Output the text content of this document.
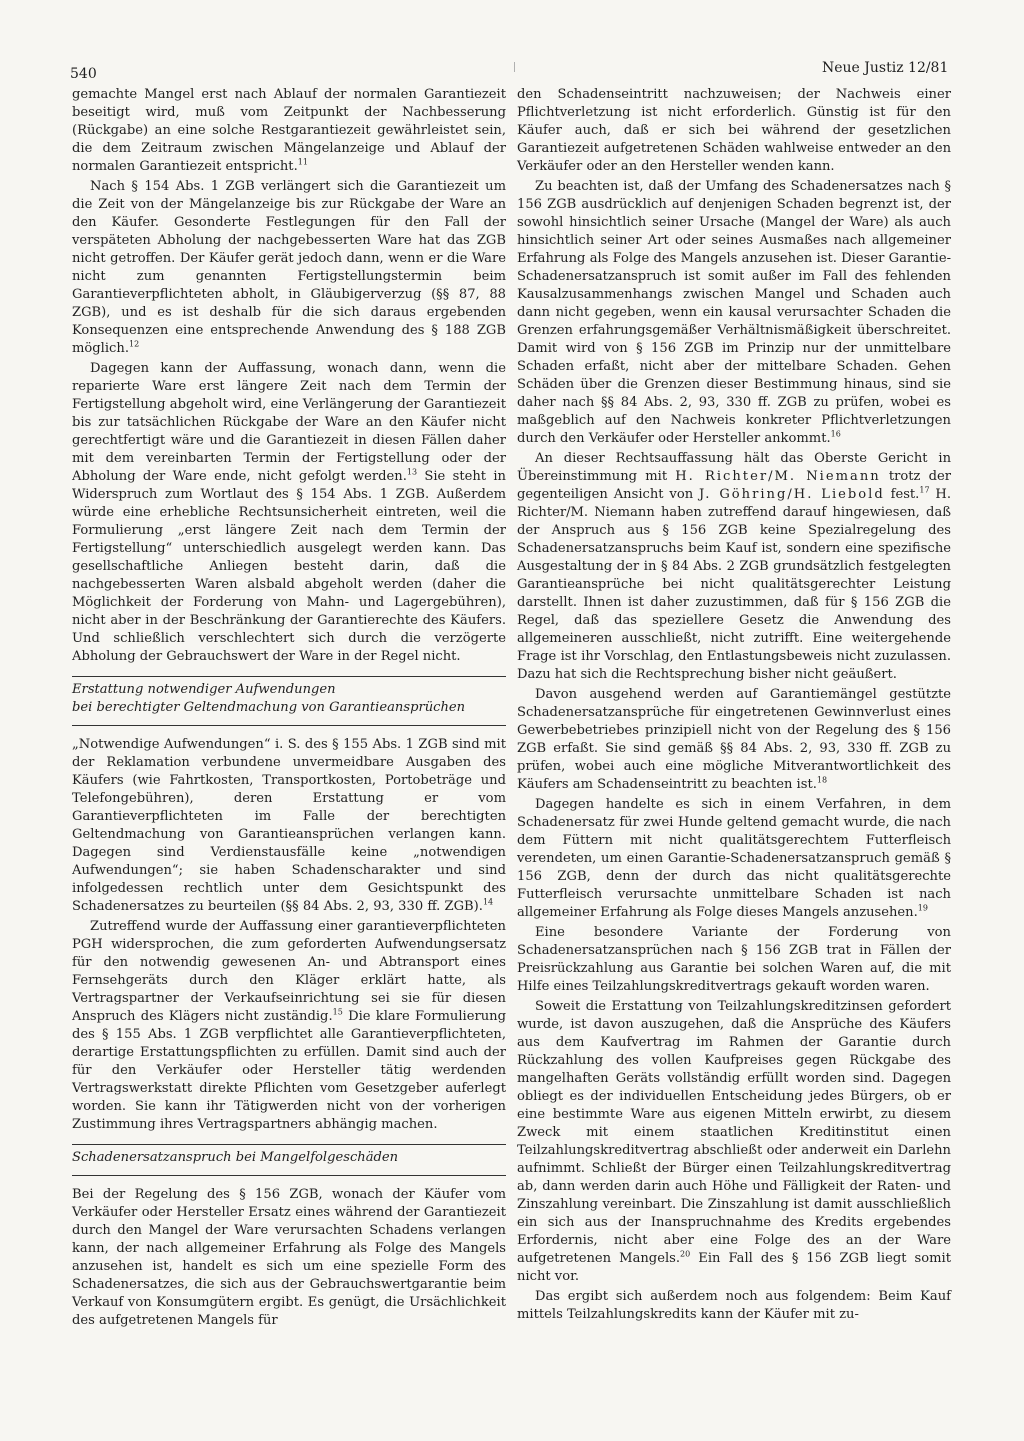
540	Neue Justiz 12/81

gemachte Mangel erst nach Ablauf der normalen Garantiezeit beseitigt wird, muß vom Zeitpunkt der Nachbesserung (Rückgabe) an eine solche Restgarantiezeit gewährleistet sein, die dem Zeitraum zwischen Mängelanzeige und Ablauf der normalen Garantiezeit entspricht.$^{11}$

Nach § 154 Abs. 1 ZGB verlängert sich die Garantiezeit um die Zeit von der Mängelanzeige bis zur Rückgabe der Ware an den Käufer. Gesonderte Festlegungen für den Fall der verspäteten Abholung der nachgebesserten Ware hat das ZGB nicht getroffen. Der Käufer gerät jedoch dann, wenn er die Ware nicht zum genannten Fertigstellungstermin beim Garantieverpflichteten abholt, in Gläubigerverzug (§§ 87, 88 ZGB), und es ist deshalb für die sich daraus ergebenden Konsequenzen eine entsprechende Anwendung des § 188 ZGB möglich.$^{12}$

Dagegen kann der Auffassung, wonach dann, wenn die reparierte Ware erst längere Zeit nach dem Termin der Fertigstellung abgeholt wird, eine Verlängerung der Garantiezeit bis zur tatsächlichen Rückgabe der Ware an den Käufer nicht gerechtfertigt wäre und die Garantiezeit in diesen Fällen daher mit dem vereinbarten Termin der Fertigstellung oder der Abholung der Ware ende, nicht gefolgt werden.$^{13}$ Sie steht in Widerspruch zum Wortlaut des § 154 Abs. 1 ZGB. Außerdem würde eine erhebliche Rechtsunsicherheit eintreten, weil die Formulierung „erst längere Zeit nach dem Termin der Fertigstellung“ unterschiedlich ausgelegt werden kann. Das gesellschaftliche Anliegen besteht darin, daß die nachgebesserten Waren alsbald abgeholt werden (daher die Möglichkeit der Forderung von Mahn- und Lagergebühren), nicht aber in der Beschränkung der Garantierechte des Käufers. Und schließlich verschlechtert sich durch die verzögerte Abholung der Gebrauchswert der Ware in der Regel nicht.

Erstattung notwendiger Aufwendungen
bei berechtigter Geltendmachung von Garantieansprüchen

„Notwendige Aufwendungen“ i. S. des § 155 Abs. 1 ZGB sind mit der Reklamation verbundene unvermeidbare Ausgaben des Käufers (wie Fahrtkosten, Transportkosten, Portobeträge und Telefongebühren), deren Erstattung er vom Garantieverpflichteten im Falle der berechtigten Geltendmachung von Garantieansprüchen verlangen kann. Dagegen sind Verdienstausfälle keine „notwendigen Aufwendungen“; sie haben Schadenscharakter und sind infolgedessen rechtlich unter dem Gesichtspunkt des Schadenersatzes zu beurteilen (§§ 84 Abs. 2, 93, 330 ff. ZGB).$^{14}$

Zutreffend wurde der Auffassung einer garantieverpflichteten PGH widersprochen, die zum geforderten Aufwendungsersatz für den notwendig gewesenen An- und Abtransport eines Fernsehgeräts durch den Kläger erklärt hatte, als Vertragspartner der Verkaufseinrichtung sei sie für diesen Anspruch des Klägers nicht zuständig.$^{15}$ Die klare Formulierung des § 155 Abs. 1 ZGB verpflichtet alle Garantieverpflichteten, derartige Erstattungspflichten zu erfüllen. Damit sind auch der für den Verkäufer oder Hersteller tätig werdenden Vertragswerkstatt direkte Pflichten vom Gesetzgeber auferlegt worden. Sie kann ihr Tätigwerden nicht von der vorherigen Zustimmung ihres Vertragspartners abhängig machen.

Schadenersatzanspruch bei Mangelfolgeschäden

Bei der Regelung des § 156 ZGB, wonach der Käufer vom Verkäufer oder Hersteller Ersatz eines während der Garantiezeit durch den Mangel der Ware verursachten Schadens verlangen kann, der nach allgemeiner Erfahrung als Folge des Mangels anzusehen ist, handelt es sich um eine spezielle Form des Schadenersatzes, die sich aus der Gebrauchswertgarantie beim Verkauf von Konsumgütern ergibt. Es genügt, die Ursächlichkeit des aufgetretenen Mangels für

den Schadenseintritt nachzuweisen; der Nachweis einer Pflichtverletzung ist nicht erforderlich. Günstig ist für den Käufer auch, daß er sich bei während der gesetzlichen Garantiezeit aufgetretenen Schäden wahlweise entweder an den Verkäufer oder an den Hersteller wenden kann.

Zu beachten ist, daß der Umfang des Schadenersatzes nach § 156 ZGB ausdrücklich auf denjenigen Schaden begrenzt ist, der sowohl hinsichtlich seiner Ursache (Mangel der Ware) als auch hinsichtlich seiner Art oder seines Ausmaßes nach allgemeiner Erfahrung als Folge des Mangels anzusehen ist. Dieser Garantie-Schadenersatzanspruch ist somit außer im Fall des fehlenden Kausalzusammenhangs zwischen Mangel und Schaden auch dann nicht gegeben, wenn ein kausal verursachter Schaden die Grenzen erfahrungsgemäßer Verhältnismäßigkeit überschreitet. Damit wird von § 156 ZGB im Prinzip nur der unmittelbare Schaden erfaßt, nicht aber der mittelbare Schaden. Gehen Schäden über die Grenzen dieser Bestimmung hinaus, sind sie daher nach §§ 84 Abs. 2, 93, 330 ff. ZGB zu prüfen, wobei es maßgeblich auf den Nachweis konkreter Pflichtverletzungen durch den Verkäufer oder Hersteller ankommt.$^{16}$

An dieser Rechtsauffassung hält das Oberste Gericht in Übereinstimmung mit H. Richter/M. Niemann trotz der gegenteiligen Ansicht von J. Göhring/H. Liebold fest.$^{17}$ H. Richter/M. Niemann haben zutreffend darauf hingewiesen, daß der Anspruch aus § 156 ZGB keine Spezialregelung des Schadenersatzanspruchs beim Kauf ist, sondern eine spezifische Ausgestaltung der in § 84 Abs. 2 ZGB grundsätzlich festgelegten Garantieansprüche bei nicht qualitätsgerechter Leistung darstellt. Ihnen ist daher zuzustimmen, daß für § 156 ZGB die Regel, daß das speziellere Gesetz die Anwendung des allgemeineren ausschließt, nicht zutrifft. Eine weitergehende Frage ist ihr Vorschlag, den Entlastungsbeweis nicht zuzulassen. Dazu hat sich die Rechtsprechung bisher nicht geäußert.

Davon ausgehend werden auf Garantiemängel gestützte Schadenersatzansprüche für eingetretenen Gewinnverlust eines Gewerbebetriebes prinzipiell nicht von der Regelung des § 156 ZGB erfaßt. Sie sind gemäß §§ 84 Abs. 2, 93, 330 ff. ZGB zu prüfen, wobei auch eine mögliche Mitverantwortlichkeit des Käufers am Schadenseintritt zu beachten ist.$^{18}$

Dagegen handelte es sich in einem Verfahren, in dem Schadenersatz für zwei Hunde geltend gemacht wurde, die nach dem Füttern mit nicht qualitätsgerechtem Futterfleisch verendeten, um einen Garantie-Schadenersatzanspruch gemäß § 156 ZGB, denn der durch das nicht qualitätsgerechte Futterfleisch verursachte unmittelbare Schaden ist nach allgemeiner Erfahrung als Folge dieses Mangels anzusehen.$^{19}$

Eine besondere Variante der Forderung von Schadenersatzansprüchen nach § 156 ZGB trat in Fällen der Preisrückzahlung aus Garantie bei solchen Waren auf, die mit Hilfe eines Teilzahlungskreditvertrags gekauft worden waren.

Soweit die Erstattung von Teilzahlungskreditzinsen gefordert wurde, ist davon auszugehen, daß die Ansprüche des Käufers aus dem Kaufvertrag im Rahmen der Garantie durch Rückzahlung des vollen Kaufpreises gegen Rückgabe des mangelhaften Geräts vollständig erfüllt worden sind. Dagegen obliegt es der individuellen Entscheidung jedes Bürgers, ob er eine bestimmte Ware aus eigenen Mitteln erwirbt, zu diesem Zweck mit einem staatlichen Kreditinstitut einen Teilzahlungskreditvertrag abschließt oder anderweit ein Darlehn aufnimmt. Schließt der Bürger einen Teilzahlungskreditvertrag ab, dann werden darin auch Höhe und Fälligkeit der Raten- und Zinszahlung vereinbart. Die Zinszahlung ist damit ausschließlich ein sich aus der Inanspruchnahme des Kredits ergebendes Erfordernis, nicht aber eine Folge des an der Ware aufgetretenen Mangels.$^{20}$ Ein Fall des § 156 ZGB liegt somit nicht vor.

Das ergibt sich außerdem noch aus folgendem: Beim Kauf mittels Teilzahlungskredits kann der Käufer mit zu-
